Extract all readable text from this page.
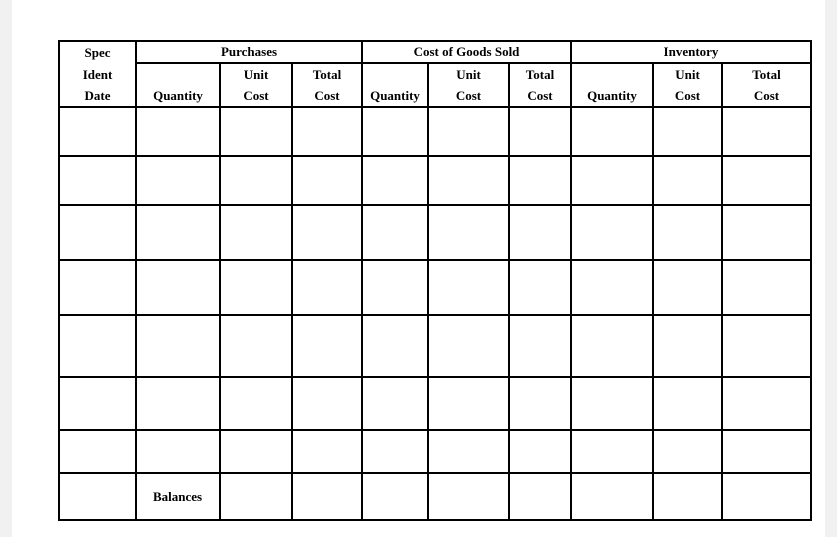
Spec	Purchases			Cost of Goods Sold			Inventory		
Ident		Unit	Total		Unit	Total		Unit	Total
Date	Quantity	Cost	Cost	Quantity	Cost	Cost	Quantity	Cost	Cost

	Balances								
